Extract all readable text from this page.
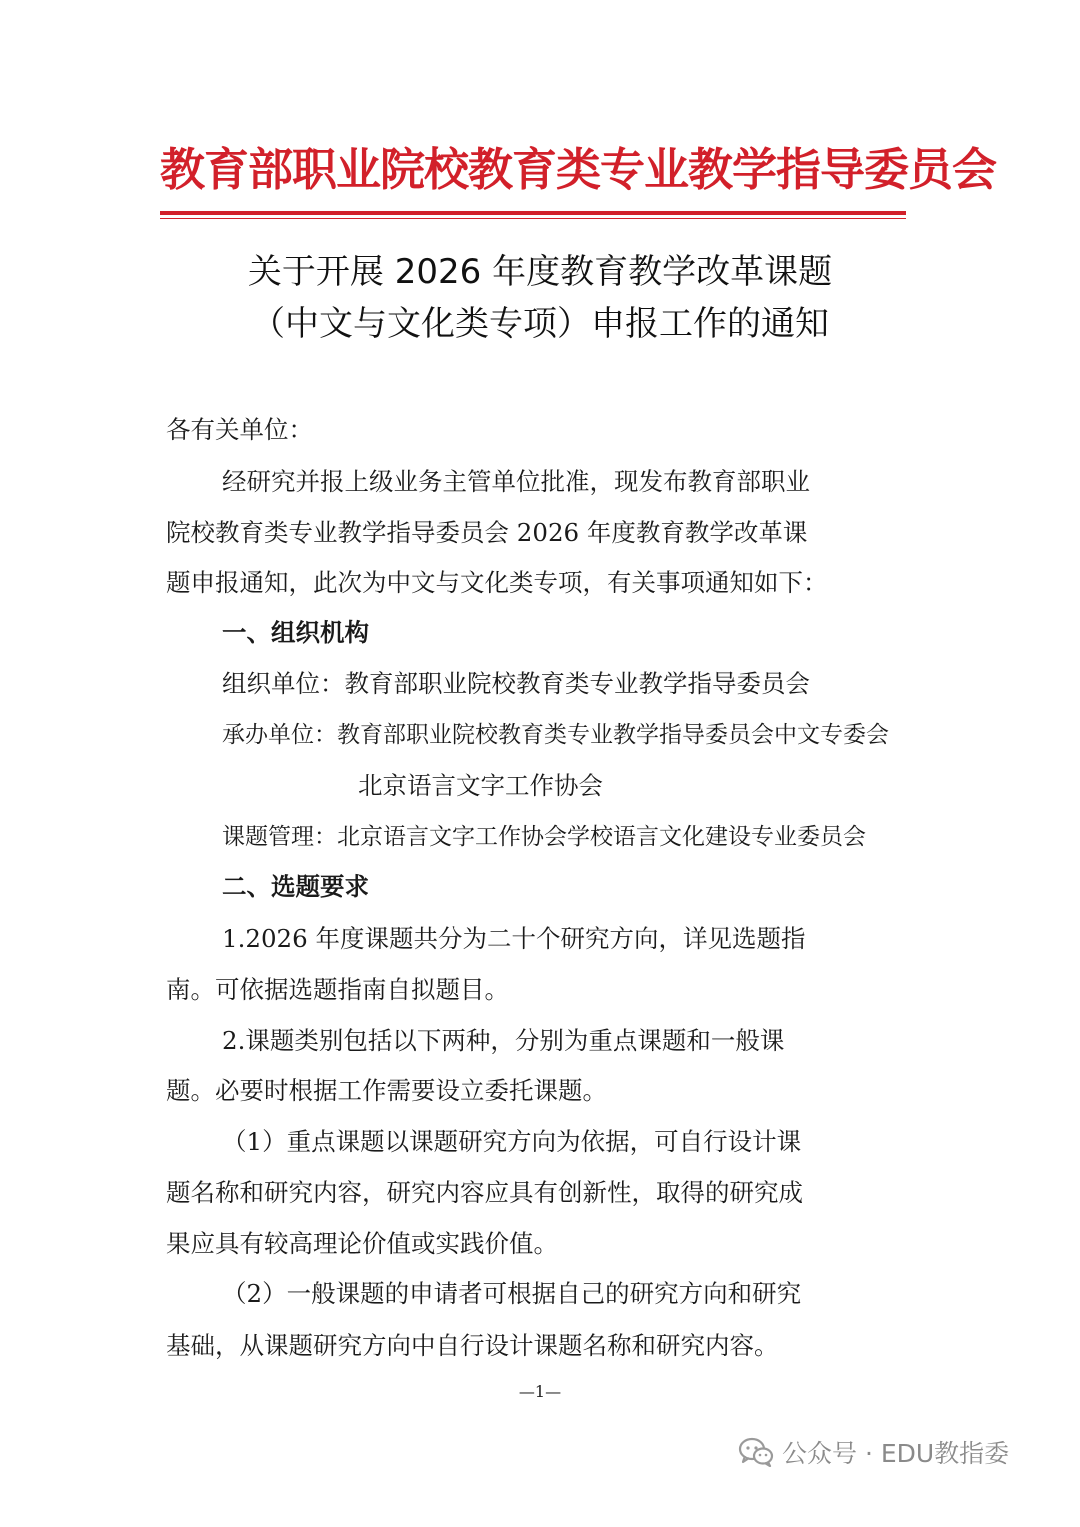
教育部职业院校教育类专业教学指导委员会
关于开展 2026 年度教育教学改革课题
（中文与文化类专项）申报工作的通知
各有关单位：
经研究并报上级业务主管单位批准，现发布教育部职业
院校教育类专业教学指导委员会 2026 年度教育教学改革课
题申报通知，此次为中文与文化类专项，有关事项通知如下：
一、组织机构
组织单位：教育部职业院校教育类专业教学指导委员会
承办单位：教育部职业院校教育类专业教学指导委员会中文专委会
北京语言文字工作协会
课题管理：北京语言文字工作协会学校语言文化建设专业委员会
二、选题要求
1.2026 年度课题共分为二十个研究方向，详见选题指
南。可依据选题指南自拟题目。
2.课题类别包括以下两种，分别为重点课题和一般课
题。必要时根据工作需要设立委托课题。
（1）重点课题以课题研究方向为依据，可自行设计课
题名称和研究内容，研究内容应具有创新性，取得的研究成
果应具有较高理论价值或实践价值。
（2）一般课题的申请者可根据自己的研究方向和研究
基础，从课题研究方向中自行设计课题名称和研究内容。
—1—
公众号 · EDU教指委
